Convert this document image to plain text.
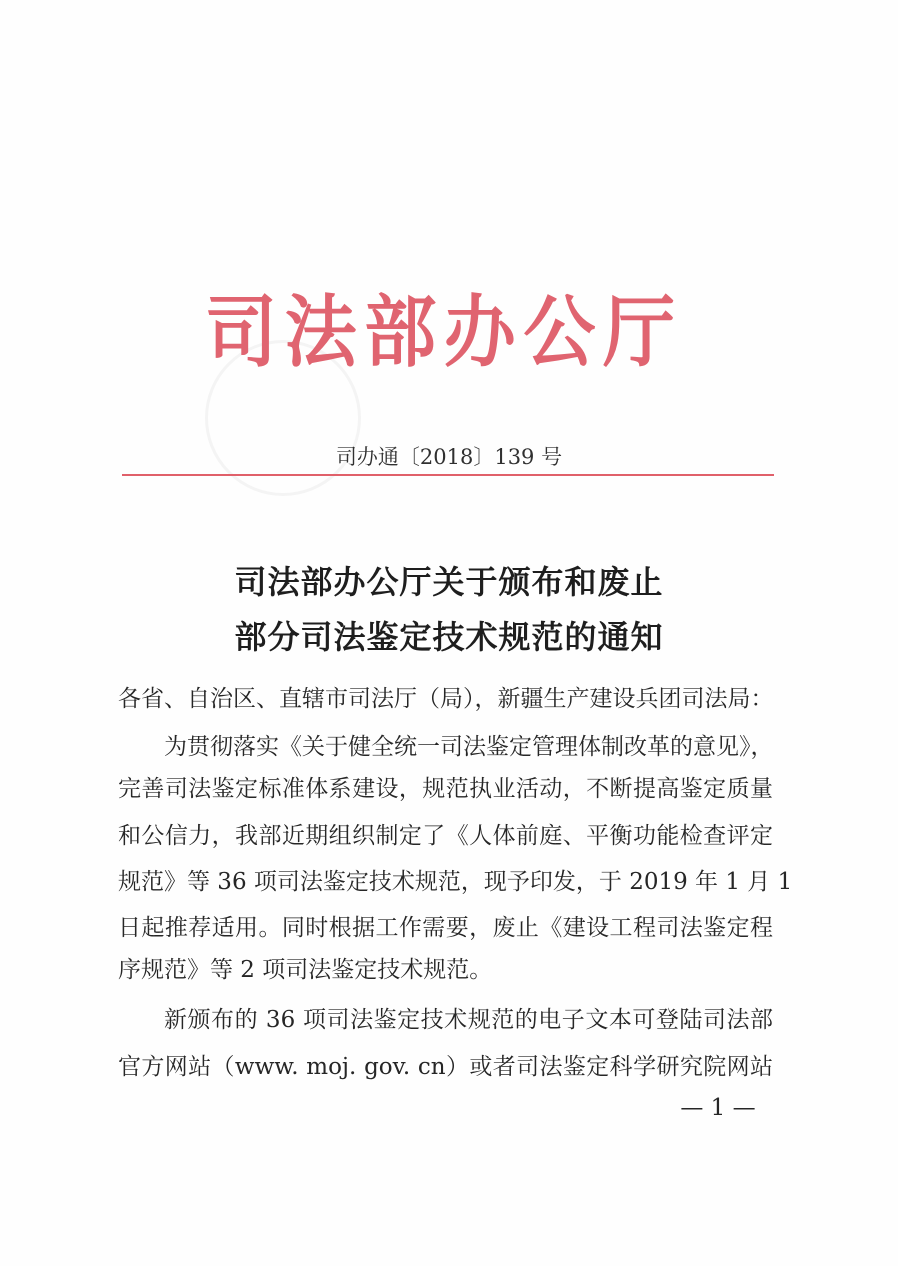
司 法 部 办 公 厅
司办通〔2018〕139 号
司法部办公厅关于颁布和废止
部分司法鉴定技术规范的通知
各省、自治区、直辖市司法厅（局），新疆生产建设兵团司法局：
为贯彻落实《关于健全统一司法鉴定管理体制改革的意见》，
完善司法鉴定标准体系建设，规范执业活动，不断提高鉴定质量
和公信力，我部近期组织制定了《人体前庭、平衡功能检查评定
规范》等 36 项司法鉴定技术规范，现予印发，于 2019 年 1 月 1
日起推荐适用。同时根据工作需要，废止《建设工程司法鉴定程
序规范》等 2 项司法鉴定技术规范。
新颁布的 36 项司法鉴定技术规范的电子文本可登陆司法部
官方网站（www. moj. gov. cn）或者司法鉴定科学研究院网站
— 1 —
